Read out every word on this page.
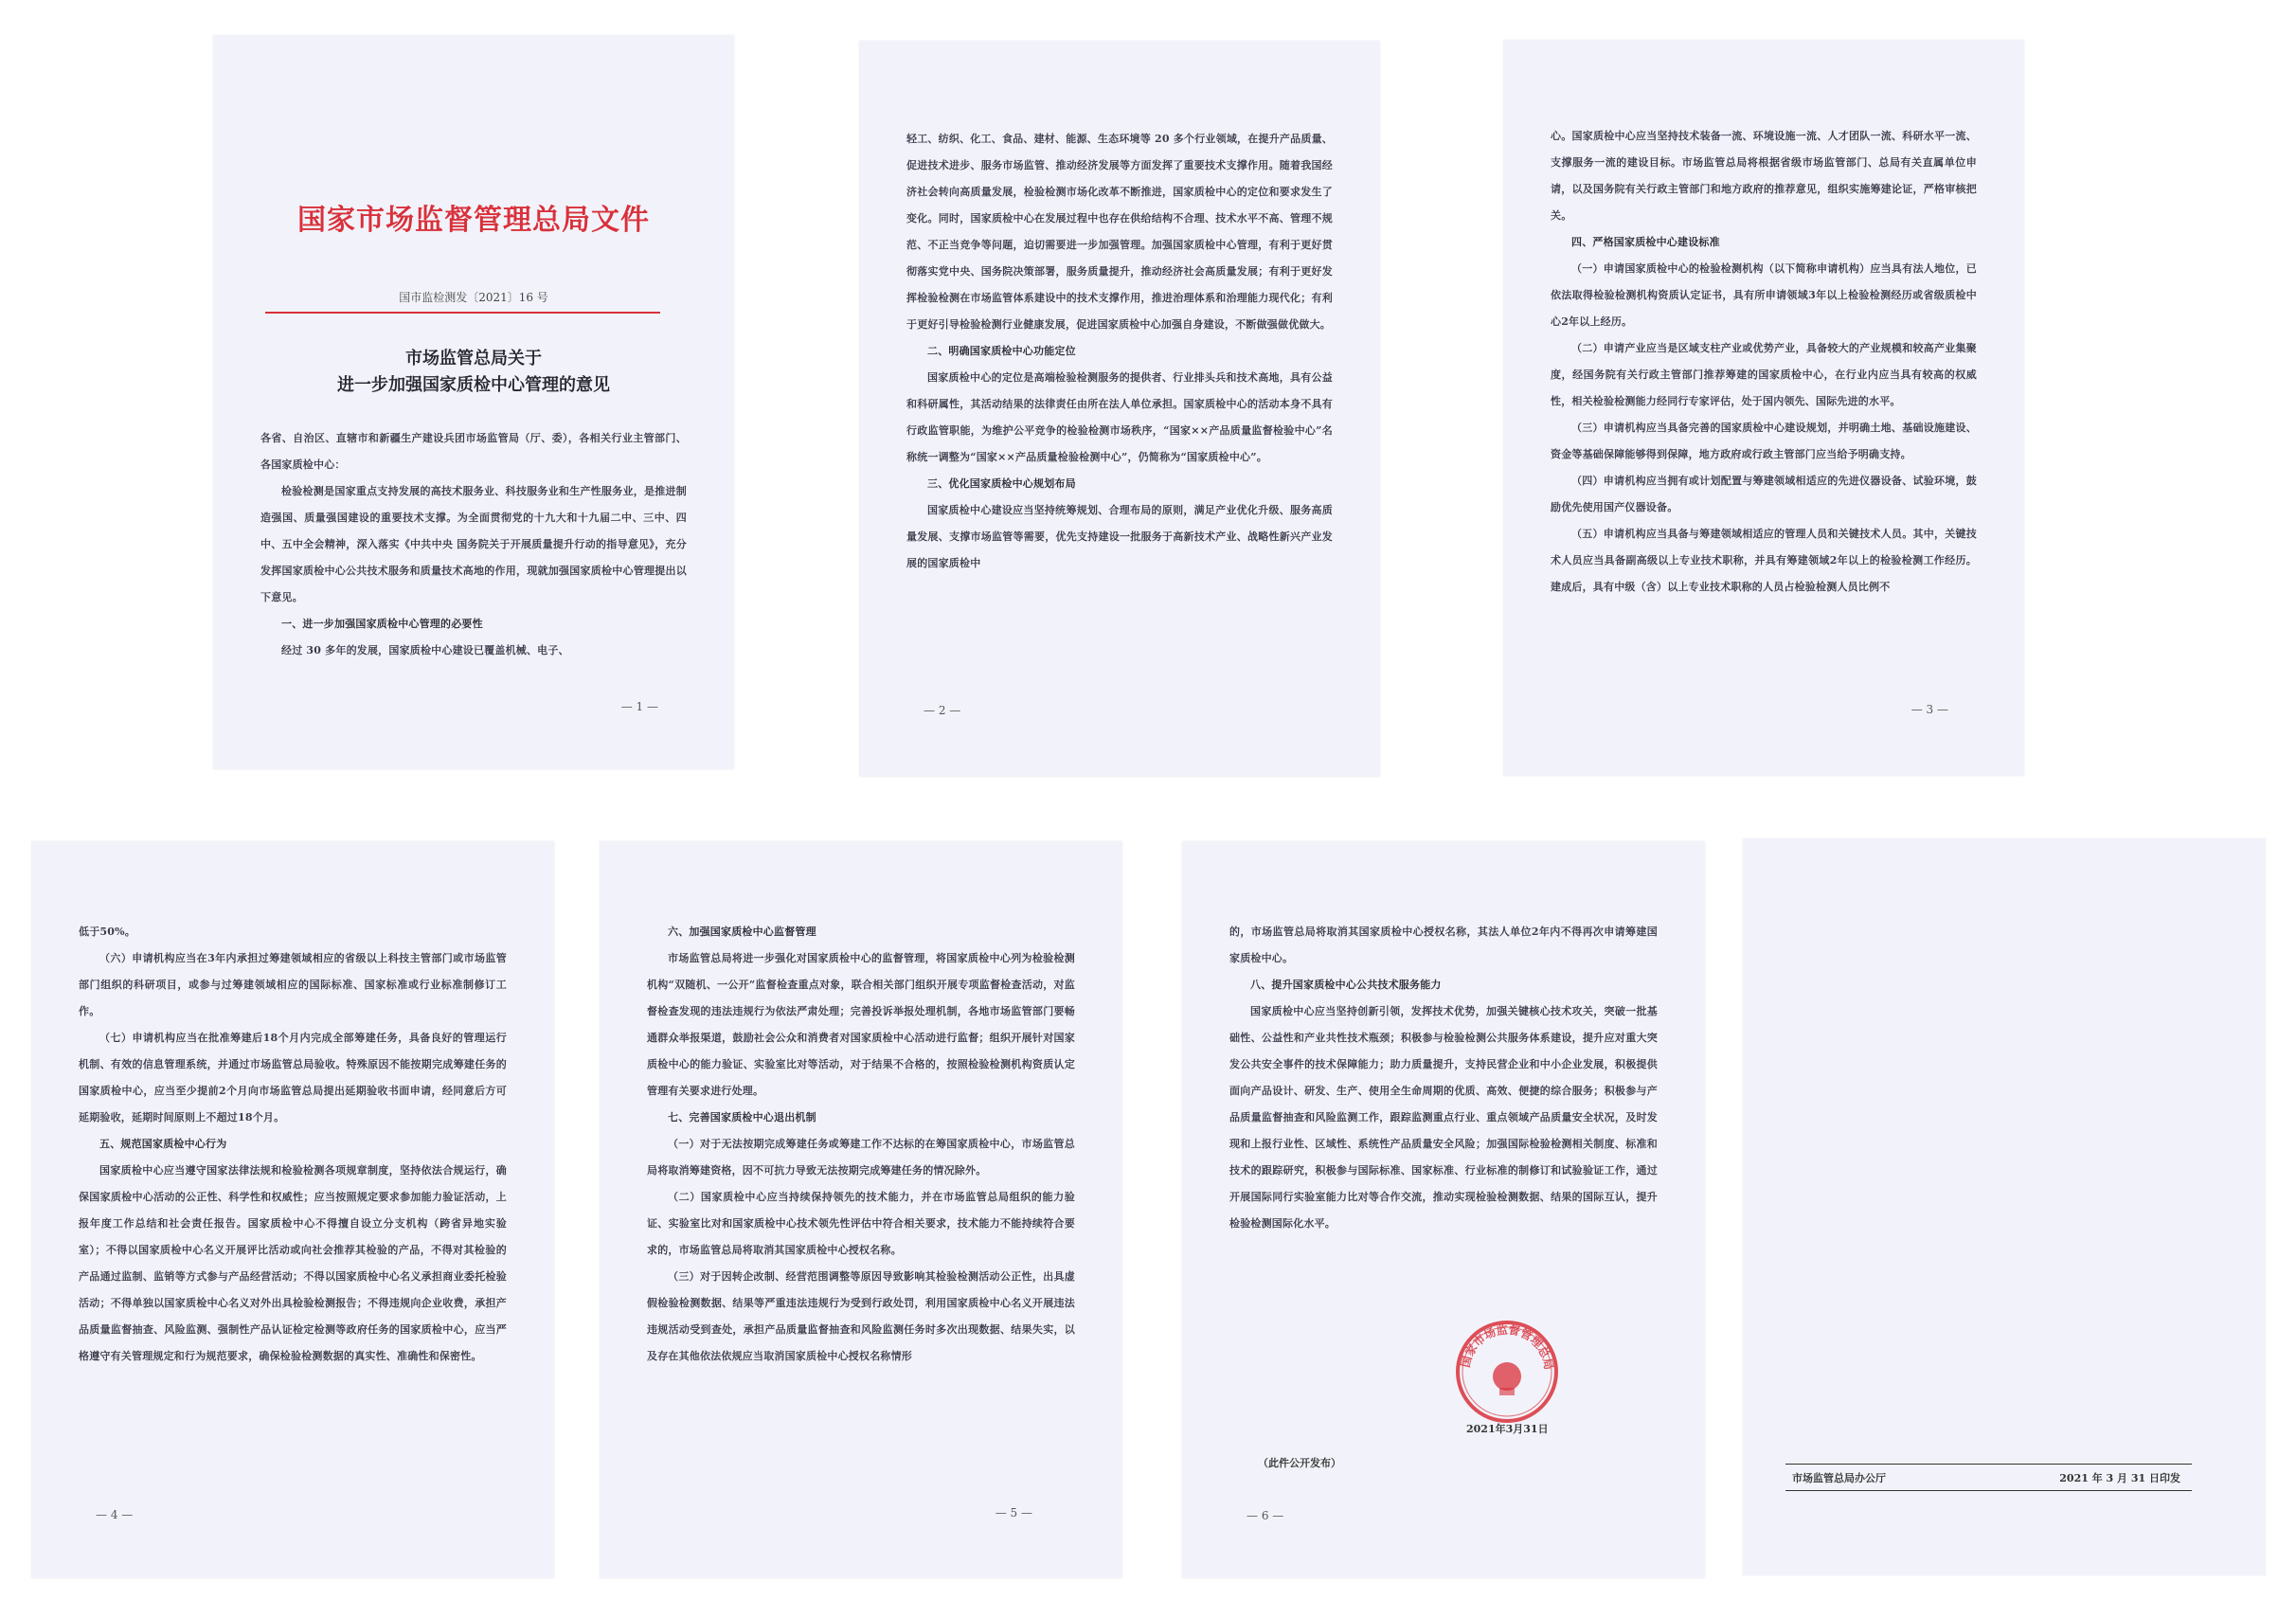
国家市场监督管理总局文件
国市监检测发〔2021〕16 号
市场监管总局关于
进一步加强国家质检中心管理的意见

各省、自治区、直辖市和新疆生产建设兵团市场监管局（厅、委），各相关行业主管部门、各国家质检中心：

检验检测是国家重点支持发展的高技术服务业、科技服务业和生产性服务业，是推进制造强国、质量强国建设的重要技术支撑。为全面贯彻党的十九大和十九届二中、三中、四中、五中全会精神，深入落实《中共中央 国务院关于开展质量提升行动的指导意见》，充分发挥国家质检中心公共技术服务和质量技术高地的作用，现就加强国家质检中心管理提出以下意见。

一、进一步加强国家质检中心管理的必要性

经过 30 多年的发展，国家质检中心建设已覆盖机械、电子、

— 1 —

轻工、纺织、化工、食品、建材、能源、生态环境等 20 多个行业领域，在提升产品质量、促进技术进步、服务市场监管、推动经济发展等方面发挥了重要技术支撑作用。随着我国经济社会转向高质量发展，检验检测市场化改革不断推进，国家质检中心的定位和要求发生了变化。同时，国家质检中心在发展过程中也存在供给结构不合理、技术水平不高、管理不规范、不正当竞争等问题，迫切需要进一步加强管理。加强国家质检中心管理，有利于更好贯彻落实党中央、国务院决策部署，服务质量提升，推动经济社会高质量发展；有利于更好发挥检验检测在市场监管体系建设中的技术支撑作用，推进治理体系和治理能力现代化；有利于更好引导检验检测行业健康发展，促进国家质检中心加强自身建设，不断做强做优做大。

二、明确国家质检中心功能定位

国家质检中心的定位是高端检验检测服务的提供者、行业排头兵和技术高地，具有公益和科研属性，其活动结果的法律责任由所在法人单位承担。国家质检中心的活动本身不具有行政监管职能，为维护公平竞争的检验检测市场秩序，“国家××产品质量监督检验中心”名称统一调整为“国家××产品质量检验检测中心”，仍简称为“国家质检中心”。

三、优化国家质检中心规划布局

国家质检中心建设应当坚持统筹规划、合理布局的原则，满足产业优化升级、服务高质量发展、支撑市场监管等需要，优先支持建设一批服务于高新技术产业、战略性新兴产业发展的国家质检中

— 2 —

心。国家质检中心应当坚持技术装备一流、环境设施一流、人才团队一流、科研水平一流、支撑服务一流的建设目标。市场监管总局将根据省级市场监管部门、总局有关直属单位申请，以及国务院有关行政主管部门和地方政府的推荐意见，组织实施筹建论证，严格审核把关。

四、严格国家质检中心建设标准

（一）申请国家质检中心的检验检测机构（以下简称申请机构）应当具有法人地位，已依法取得检验检测机构资质认定证书，具有所申请领域3年以上检验检测经历或省级质检中心2年以上经历。

（二）申请产业应当是区域支柱产业或优势产业，具备较大的产业规模和较高产业集聚度，经国务院有关行政主管部门推荐筹建的国家质检中心，在行业内应当具有较高的权威性，相关检验检测能力经同行专家评估，处于国内领先、国际先进的水平。

（三）申请机构应当具备完善的国家质检中心建设规划，并明确土地、基础设施建设、资金等基础保障能够得到保障，地方政府或行政主管部门应当给予明确支持。

（四）申请机构应当拥有或计划配置与筹建领域相适应的先进仪器设备、试验环境，鼓励优先使用国产仪器设备。

（五）申请机构应当具备与筹建领域相适应的管理人员和关键技术人员。其中，关键技术人员应当具备副高级以上专业技术职称，并具有筹建领域2年以上的检验检测工作经历。建成后，具有中级（含）以上专业技术职称的人员占检验检测人员比例不

— 3 —

低于50%。

（六）申请机构应当在3年内承担过筹建领域相应的省级以上科技主管部门或市场监管部门组织的科研项目，或参与过筹建领域相应的国际标准、国家标准或行业标准制修订工作。

（七）申请机构应当在批准筹建后18个月内完成全部筹建任务，具备良好的管理运行机制、有效的信息管理系统，并通过市场监管总局验收。特殊原因不能按期完成筹建任务的国家质检中心，应当至少提前2个月向市场监管总局提出延期验收书面申请，经同意后方可延期验收，延期时间原则上不超过18个月。

五、规范国家质检中心行为

国家质检中心应当遵守国家法律法规和检验检测各项规章制度，坚持依法合规运行，确保国家质检中心活动的公正性、科学性和权威性；应当按照规定要求参加能力验证活动，上报年度工作总结和社会责任报告。国家质检中心不得擅自设立分支机构（跨省异地实验室）；不得以国家质检中心名义开展评比活动或向社会推荐其检验的产品，不得对其检验的产品通过监制、监销等方式参与产品经营活动；不得以国家质检中心名义承担商业委托检验活动；不得单独以国家质检中心名义对外出具检验检测报告；不得违规向企业收费，承担产品质量监督抽查、风险监测、强制性产品认证检定检测等政府任务的国家质检中心，应当严格遵守有关管理规定和行为规范要求，确保检验检测数据的真实性、准确性和保密性。

— 4 —

六、加强国家质检中心监督管理

市场监管总局将进一步强化对国家质检中心的监督管理，将国家质检中心列为检验检测机构“双随机、一公开”监督检查重点对象，联合相关部门组织开展专项监督检查活动，对监督检查发现的违法违规行为依法严肃处理；完善投诉举报处理机制，各地市场监管部门要畅通群众举报渠道，鼓励社会公众和消费者对国家质检中心活动进行监督；组织开展针对国家质检中心的能力验证、实验室比对等活动，对于结果不合格的，按照检验检测机构资质认定管理有关要求进行处理。

七、完善国家质检中心退出机制

（一）对于无法按期完成筹建任务或筹建工作不达标的在筹国家质检中心，市场监管总局将取消筹建资格，因不可抗力导致无法按期完成筹建任务的情况除外。

（二）国家质检中心应当持续保持领先的技术能力，并在市场监管总局组织的能力验证、实验室比对和国家质检中心技术领先性评估中符合相关要求，技术能力不能持续符合要求的，市场监管总局将取消其国家质检中心授权名称。

（三）对于因转企改制、经营范围调整等原因导致影响其检验检测活动公正性，出具虚假检验检测数据、结果等严重违法违规行为受到行政处罚，利用国家质检中心名义开展违法违规活动受到查处，承担产品质量监督抽查和风险监测任务时多次出现数据、结果失实，以及存在其他依法依规应当取消国家质检中心授权名称情形

— 5 —

的，市场监管总局将取消其国家质检中心授权名称，其法人单位2年内不得再次申请筹建国家质检中心。

八、提升国家质检中心公共技术服务能力

国家质检中心应当坚持创新引领，发挥技术优势，加强关键核心技术攻关，突破一批基础性、公益性和产业共性技术瓶颈；积极参与检验检测公共服务体系建设，提升应对重大突发公共安全事件的技术保障能力；助力质量提升，支持民营企业和中小企业发展，积极提供面向产品设计、研发、生产、使用全生命周期的优质、高效、便捷的综合服务；积极参与产品质量监督抽查和风险监测工作，跟踪监测重点行业、重点领域产品质量安全状况，及时发现和上报行业性、区域性、系统性产品质量安全风险；加强国际检验检测相关制度、标准和技术的跟踪研究，积极参与国际标准、国家标准、行业标准的制修订和试验验证工作，通过开展国际同行实验室能力比对等合作交流，推动实现检验检测数据、结果的国际互认，提升检验检测国际化水平。

国家市场监督管理总局
2021年3月31日
（此件公开发布）
— 6 —
市场监管总局办公厅	2021 年 3 月 31 日印发
